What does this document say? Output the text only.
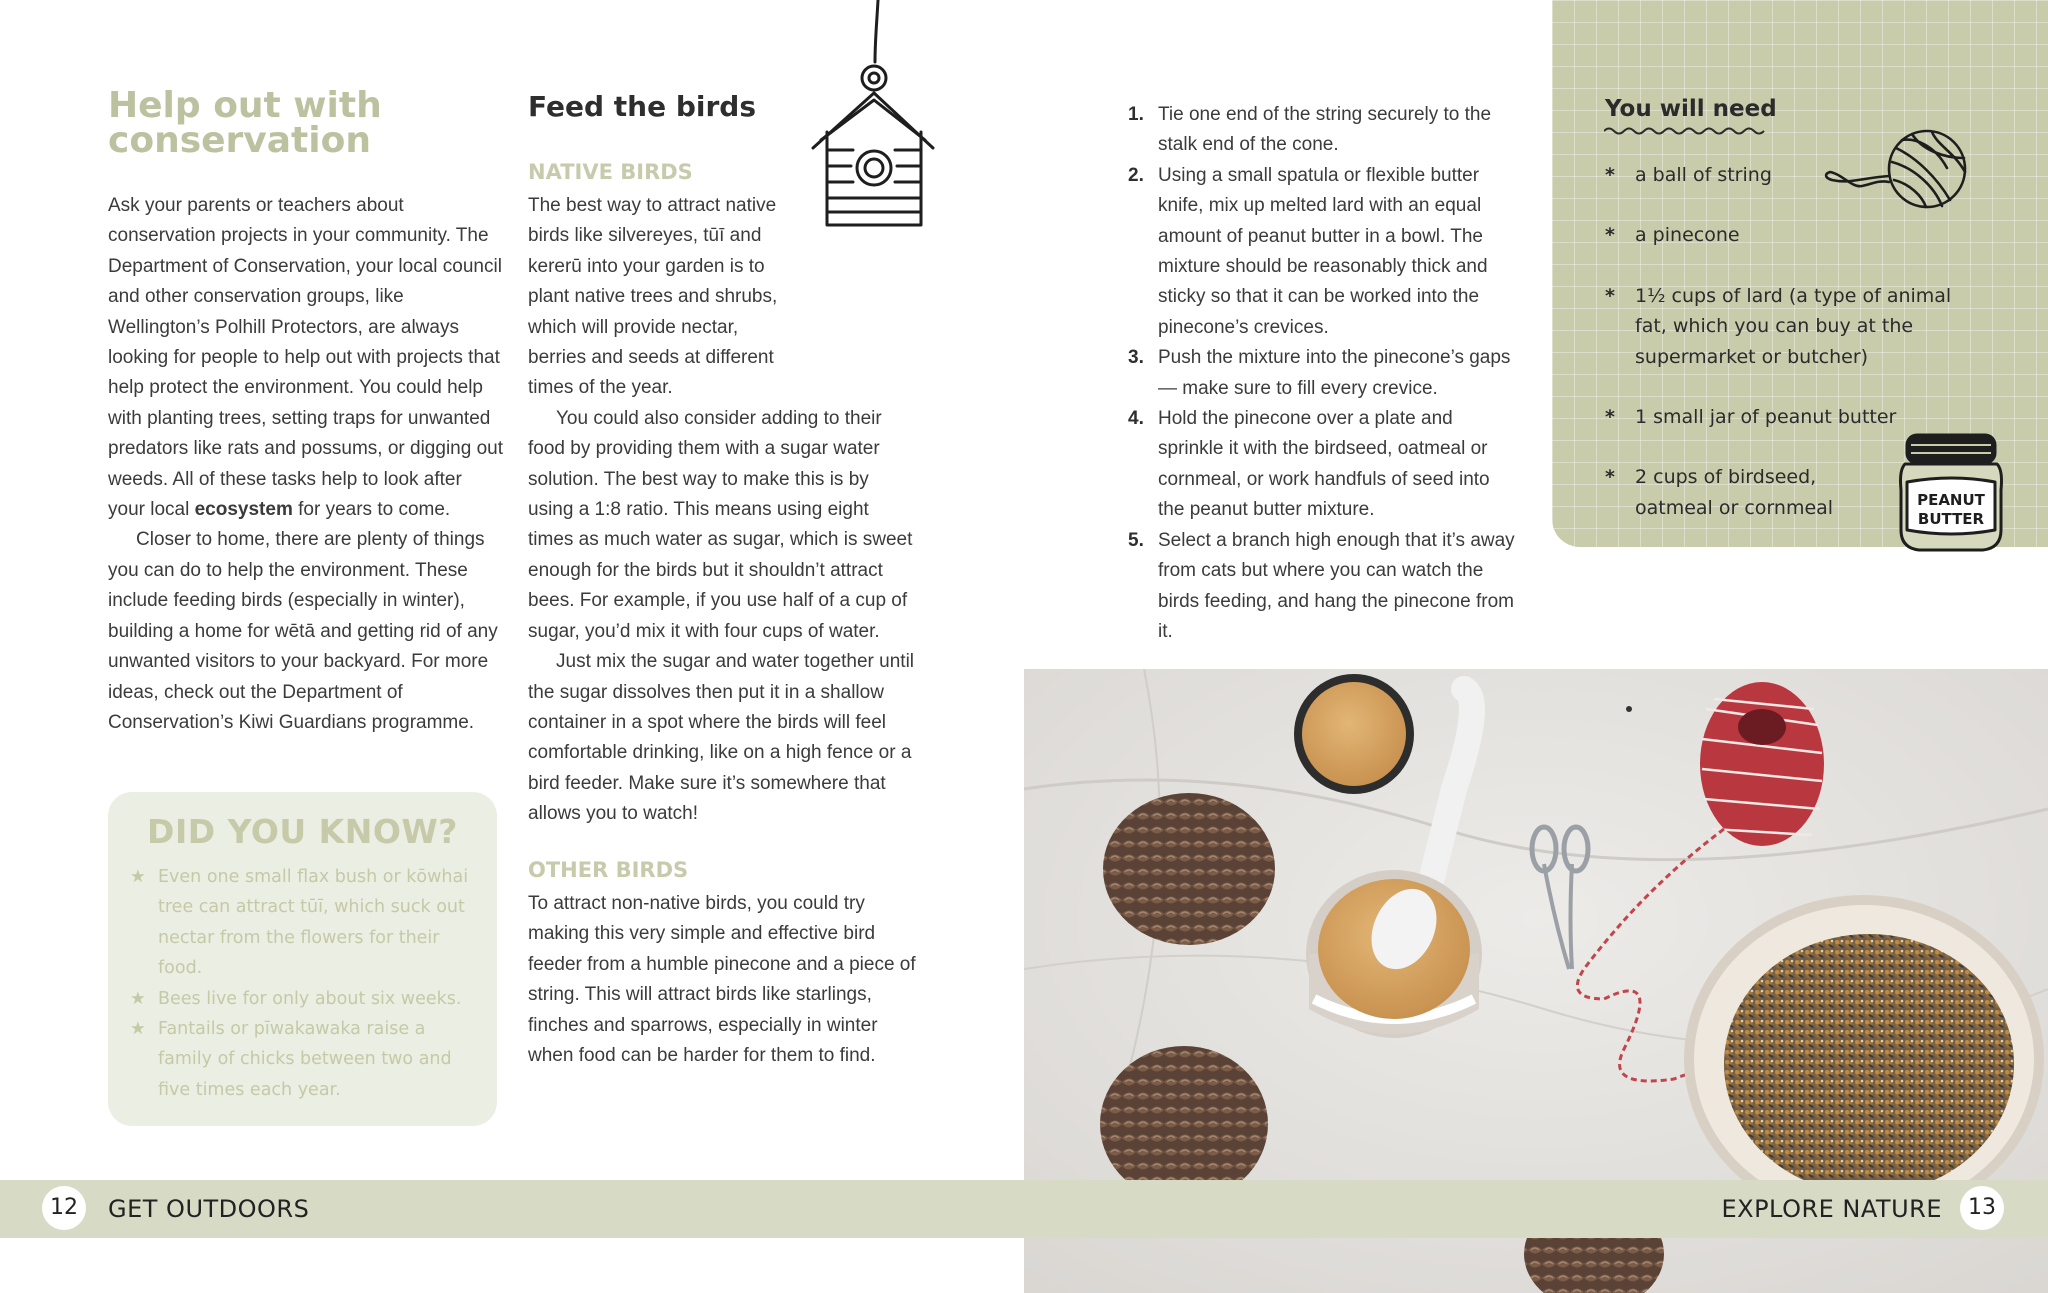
Help out with conservation

Ask your parents or teachers about conservation projects in your community. The Department of Conservation, your local council and other conservation groups, like Wellington’s Polhill Protectors, are always looking for people to help out with projects that help protect the environment. You could help with planting trees, setting traps for unwanted predators like rats and possums, or digging out weeds. All of these tasks help to look after your local ecosystem for years to come.

Closer to home, there are plenty of things you can do to help the environment. These include feeding birds (especially in winter), building a home for wētā and getting rid of any unwanted visitors to your backyard. For more ideas, check out the Department of Conservation’s Kiwi Guardians programme.

DID YOU KNOW?
★ Even one small flax bush or kōwhai tree can attract tūī, which suck out nectar from the flowers for their food.
★ Bees live for only about six weeks.
★ Fantails or pīwakawaka raise a family of chicks between two and five times each year.
Feed the birds
NATIVE BIRDS

The best way to attract native birds like silvereyes, tūī and kererū into your garden is to plant native trees and shrubs, which will provide nectar, berries and seeds at different times of the year.

You could also consider adding to their food by providing them with a sugar water solution. The best way to make this is by using a 1:8 ratio. This means using eight times as much water as sugar, which is sweet enough for the birds but it shouldn’t attract bees. For example, if you use half of a cup of sugar, you’d mix it with four cups of water.

Just mix the sugar and water together until the sugar dissolves then put it in a shallow container in a spot where the birds will feel comfortable drinking, like on a high fence or a bird feeder. Make sure it’s somewhere that allows you to watch!

OTHER BIRDS

To attract non-native birds, you could try making this very simple and effective bird feeder from a humble pinecone and a piece of string. This will attract birds like starlings, finches and sparrows, especially in winter when food can be harder for them to find.

1. Tie one end of the string securely to the stalk end of the cone.
2. Using a small spatula or flexible butter knife, mix up melted lard with an equal amount of peanut butter in a bowl. The mixture should be reasonably thick and sticky so that it can be worked into the pinecone’s crevices.
3. Push the mixture into the pinecone’s gaps — make sure to fill every crevice.
4. Hold the pinecone over a plate and sprinkle it with the birdseed, oatmeal or cornmeal, or work handfuls of seed into the peanut butter mixture.
5. Select a branch high enough that it’s away from cats but where you can watch the birds feeding, and hang the pinecone from it.
You will need
* a ball of string
* a pinecone
* 1½ cups of lard (a type of animal fat, which you can buy at the supermarket or butcher)
* 1 small jar of peanut butter
* 2 cups of birdseed, oatmeal or cornmeal	PEANUT
BUTTER
12	GET OUTDOORS	EXPLORE NATURE	13
